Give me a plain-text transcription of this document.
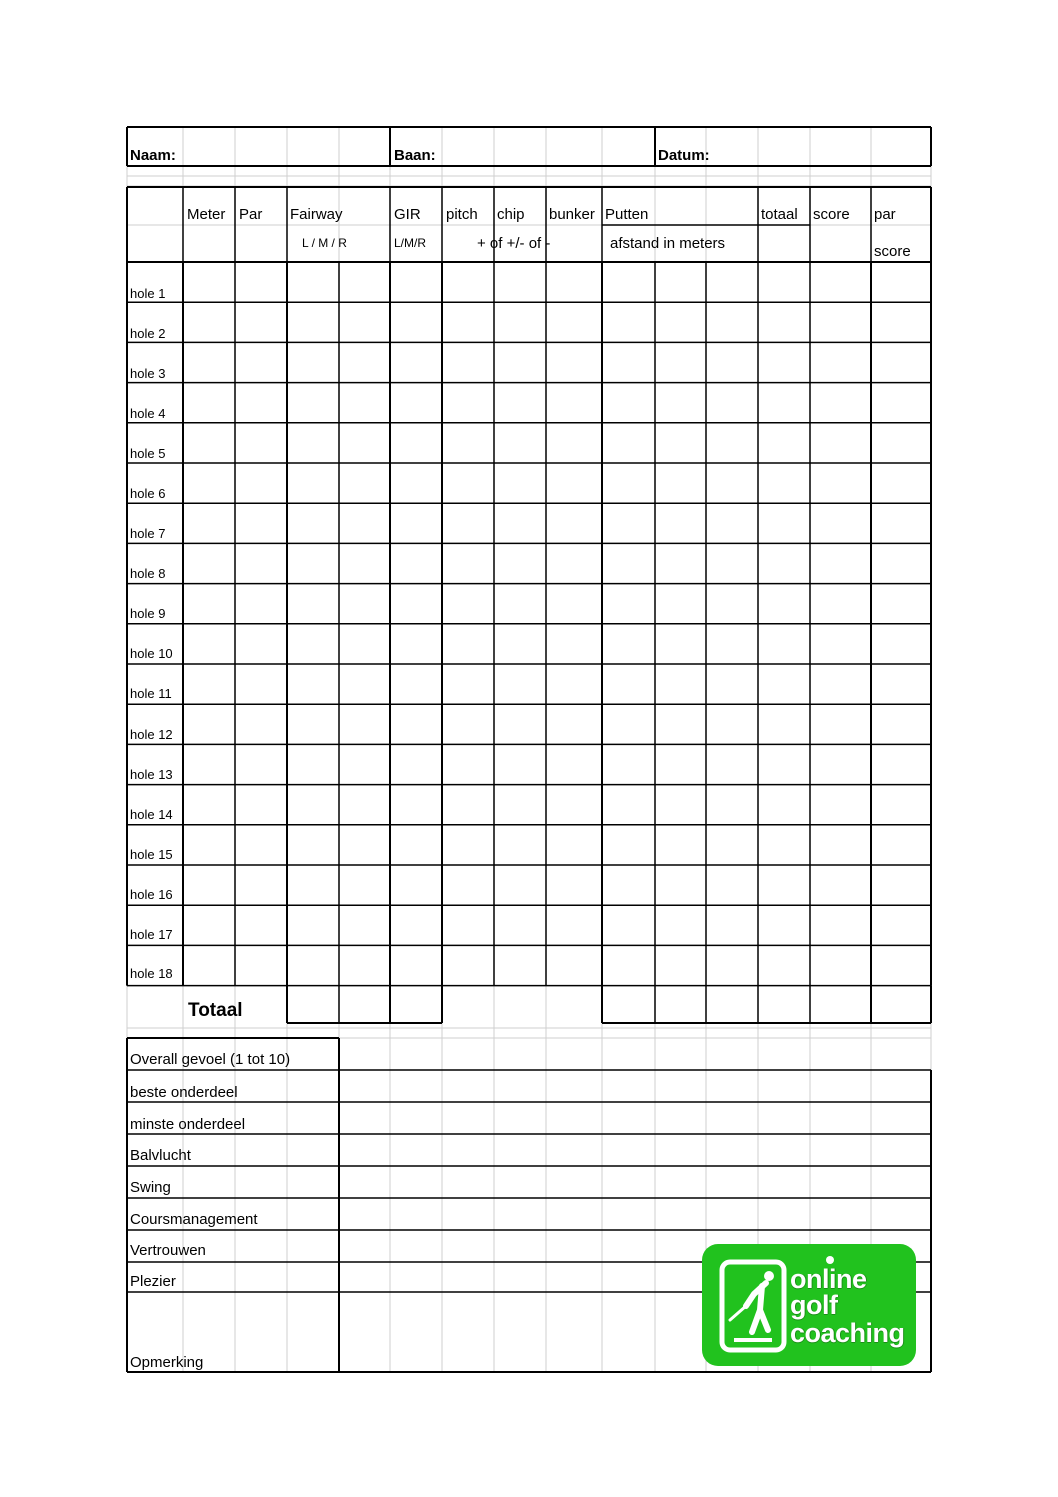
Naam:	Baan:	Datum:
Meter Par Fairway
L / M / R
GIR
L/M/R
pitch chip bunker
+ of +/- of -
Putten
afstand in meters
totaal score par
score
hole 1
hole 2
hole 3
hole 4
hole 5
hole 6
hole 7
hole 8
hole 9
hole 10
hole 11
hole 12
hole 13
hole 14
hole 15
hole 16
hole 17
hole 18
Totaal
Overall gevoel (1 tot 10)
beste onderdeel
minste onderdeel
Balvlucht
Swing
Coursmanagement
Vertrouwen
Plezier
Opmerking
online
golf
coaching
